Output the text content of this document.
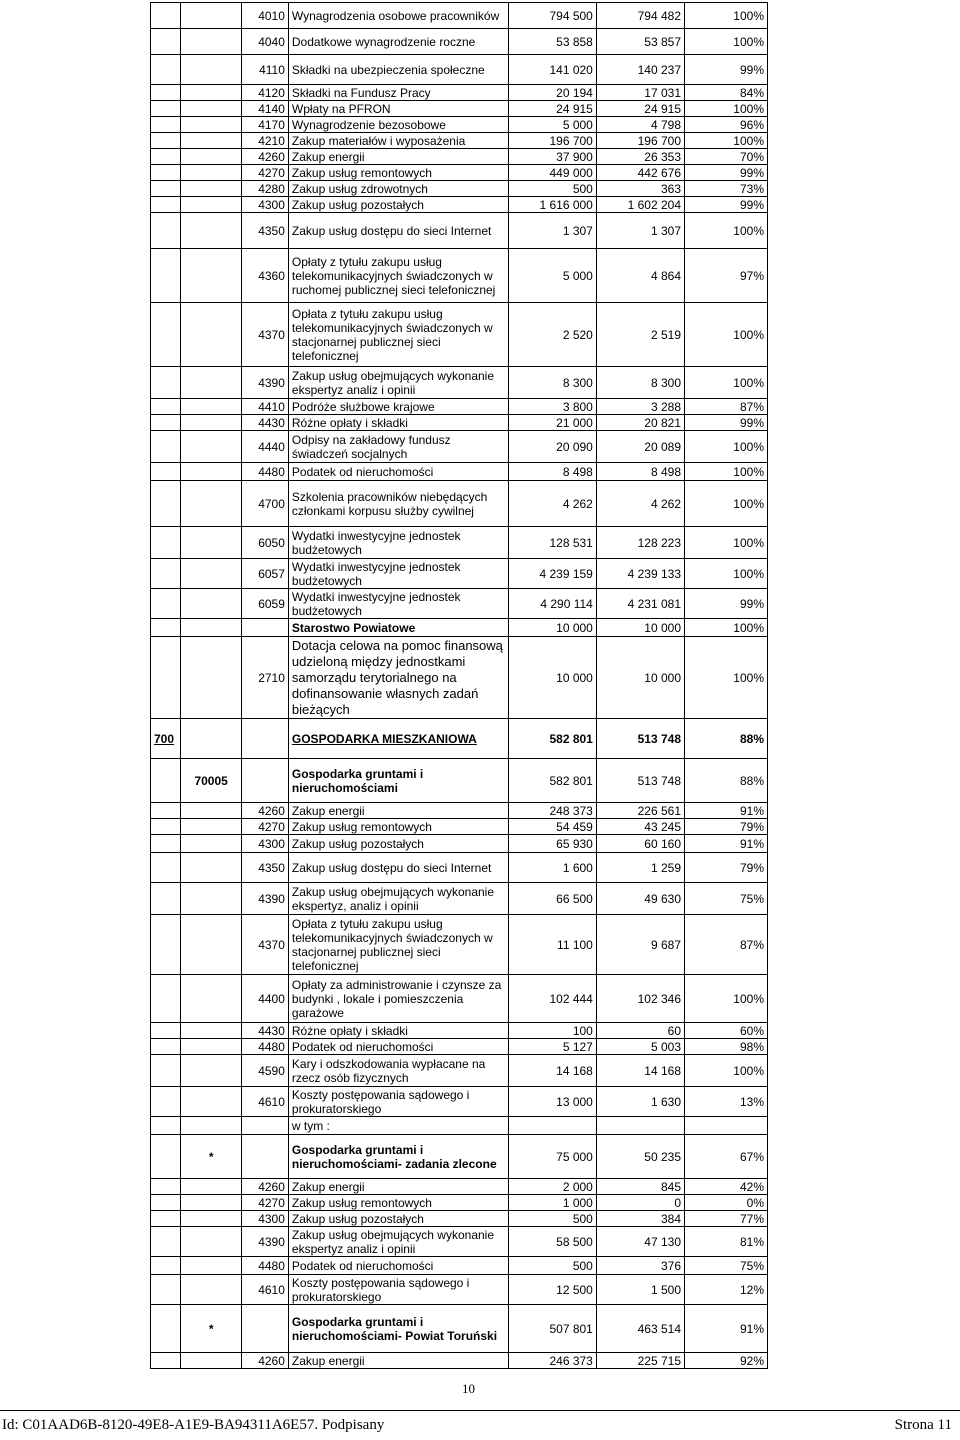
		4010	Wynagrodzenia osobowe pracowników	794 500	794 482	100%
		4040	Dodatkowe wynagrodzenie roczne	53 858	53 857	100%
		4110	Składki na ubezpieczenia społeczne	141 020	140 237	99%
		4120	Składki na Fundusz Pracy	20 194	17 031	84%
		4140	Wpłaty na PFRON	24 915	24 915	100%
		4170	Wynagrodzenie bezosobowe	5 000	4 798	96%
		4210	Zakup materiałów i wyposażenia	196 700	196 700	100%
		4260	Zakup energii	37 900	26 353	70%
		4270	Zakup usług remontowych	449 000	442 676	99%
		4280	Zakup usług zdrowotnych	500	363	73%
		4300	Zakup usług pozostałych	1 616 000	1 602 204	99%
		4350	Zakup usług dostępu do sieci Internet	1 307	1 307	100%
		4360	Opłaty z tytułu zakupu usług telekomunikacyjnych świadczonych w ruchomej publicznej sieci telefonicznej	5 000	4 864	97%
		4370	Opłata z tytułu zakupu usług telekomunikacyjnych świadczonych w stacjonarnej publicznej sieci telefonicznej	2 520	2 519	100%
		4390	Zakup usług obejmujących wykonanie ekspertyz analiz i opinii	8 300	8 300	100%
		4410	Podróże służbowe krajowe	3 800	3 288	87%
		4430	Różne opłaty i składki	21 000	20 821	99%
		4440	Odpisy na zakładowy fundusz świadczeń socjalnych	20 090	20 089	100%
		4480	Podatek od nieruchomości	8 498	8 498	100%
		4700	Szkolenia pracowników niebędących członkami korpusu służby cywilnej	4 262	4 262	100%
		6050	Wydatki inwestycyjne jednostek budżetowych	128 531	128 223	100%
		6057	Wydatki inwestycyjne jednostek budżetowych	4 239 159	4 239 133	100%
		6059	Wydatki inwestycyjne jednostek budżetowych	4 290 114	4 231 081	99%
			Starostwo Powiatowe	10 000	10 000	100%
		2710	Dotacja celowa na pomoc finansową udzieloną między jednostkami samorządu terytorialnego na dofinansowanie własnych zadań bieżących	10 000	10 000	100%
700			GOSPODARKA MIESZKANIOWA	582 801	513 748	88%
	70005		Gospodarka gruntami i nieruchomościami	582 801	513 748	88%
		4260	Zakup energii	248 373	226 561	91%
		4270	Zakup usług remontowych	54 459	43 245	79%
		4300	Zakup usług pozostałych	65 930	60 160	91%
		4350	Zakup usług dostępu do sieci Internet	1 600	1 259	79%
		4390	Zakup usług obejmujących wykonanie ekspertyz, analiz i opinii	66 500	49 630	75%
		4370	Opłata z tytułu zakupu usług telekomunikacyjnych świadczonych w stacjonarnej publicznej sieci telefonicznej	11 100	9 687	87%
		4400	Opłaty za administrowanie i czynsze za budynki , lokale i pomieszczenia garażowe	102 444	102 346	100%
		4430	Różne opłaty i składki	100	60	60%
		4480	Podatek od nieruchomości	5 127	5 003	98%
		4590	Kary i odszkodowania wypłacane na rzecz osób fizycznych	14 168	14 168	100%
		4610	Koszty postępowania sądowego i prokuratorskiego	13 000	1 630	13%
			w tym :			
	*		Gospodarka gruntami i nieruchomościami- zadania zlecone	75 000	50 235	67%
		4260	Zakup energii	2 000	845	42%
		4270	Zakup usług remontowych	1 000	0	0%
		4300	Zakup usług pozostałych	500	384	77%
		4390	Zakup usług obejmujących wykonanie ekspertyz analiz i opinii	58 500	47 130	81%
		4480	Podatek od nieruchomości	500	376	75%
		4610	Koszty postępowania sądowego i prokuratorskiego	12 500	1 500	12%
	*		Gospodarka gruntami i nieruchomościami- Powiat Toruński	507 801	463 514	91%
		4260	Zakup energii	246 373	225 715	92%
10
Id: C01AAD6B-8120-49E8-A1E9-BA94311A6E57. Podpisany	Strona 11
